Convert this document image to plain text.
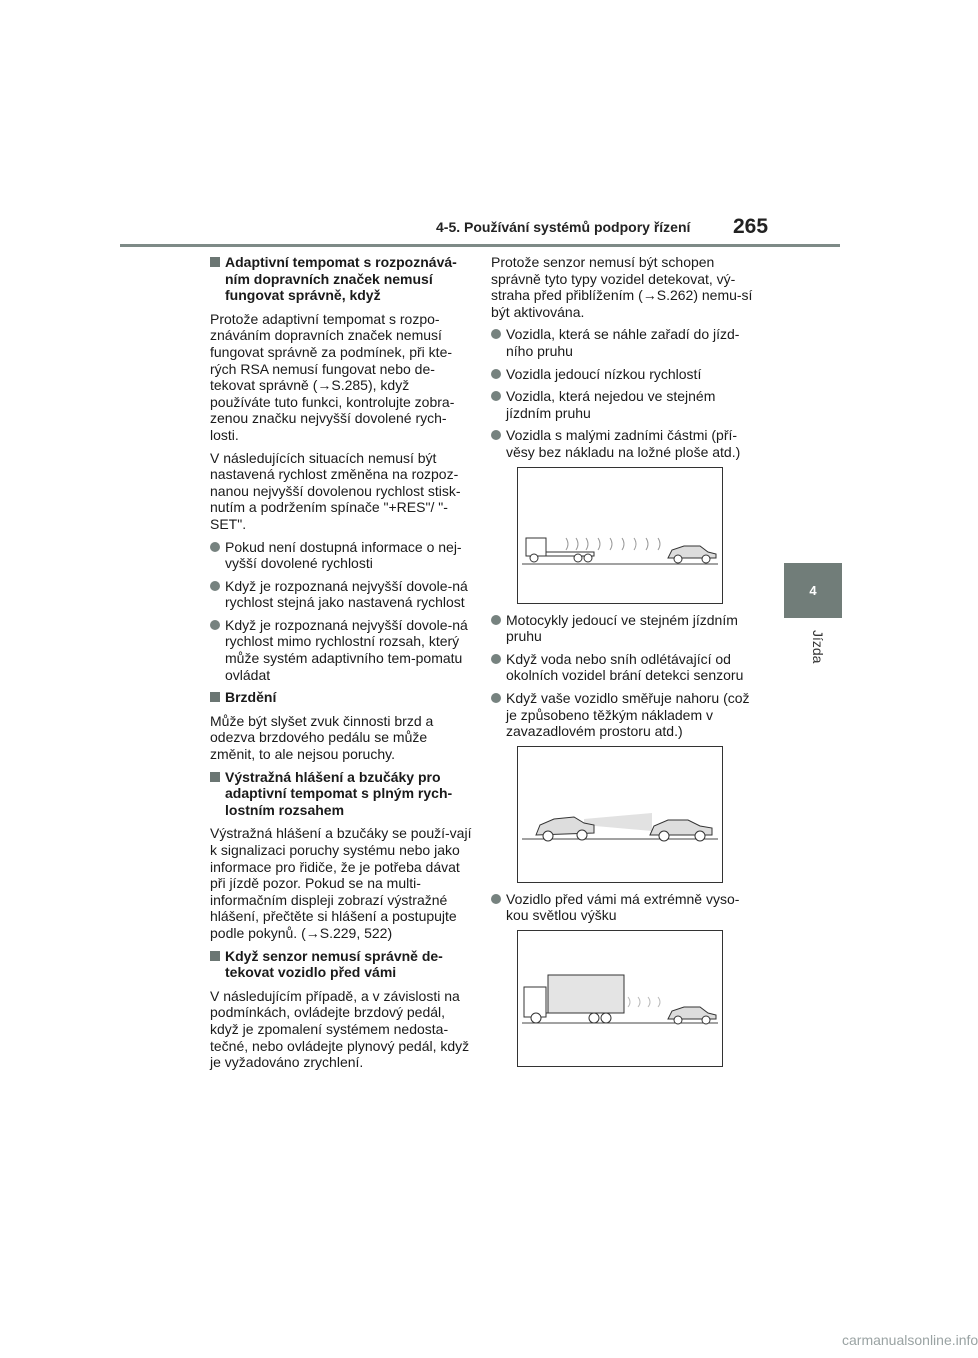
4-5. Používání systémů podpory řízení 265
4
Jízda
Adaptivní tempomat s rozpoznává-ním dopravních značek nemusí fungovat správně, když
Protože adaptivní tempomat s rozpo-znáváním dopravních značek nemusí fungovat správně za podmínek, při kte-rých RSA nemusí fungovat nebo de-tekovat správně (→S.285), když používáte tuto funkci, kontrolujte zobra-zenou značku nejvyšší dovolené rych-losti.
V následujících situacích nemusí být nastavená rychlost změněna na rozpoz-nanou nejvyšší dovolenou rychlost stisk-nutím a podržením spínače "+RES"/ "-SET".
Pokud není dostupná informace o nej-vyšší dovolené rychlosti
Když je rozpoznaná nejvyšší dovole-ná rychlost stejná jako nastavená rychlost
Když je rozpoznaná nejvyšší dovole-ná rychlost mimo rychlostní rozsah, který může systém adaptivního tem-pomatu ovládat
Brzdění
Může být slyšet zvuk činnosti brzd a odezva brzdového pedálu se může změnit, to ale nejsou poruchy.
Výstražná hlášení a bzučáky pro adaptivní tempomat s plným rych-lostním rozsahem
Výstražná hlášení a bzučáky se použí-vají k signalizaci poruchy systému nebo jako informace pro řidiče, že je potřeba dávat při jízdě pozor. Pokud se na multi-informačním displeji zobrazí výstražné hlášení, přečtěte si hlášení a postupujte podle pokynů. (→S.229, 522)
Když senzor nemusí správně de-tekovat vozidlo před vámi
V následujícím případě, a v závislosti na podmínkách, ovládejte brzdový pedál, když je zpomalení systémem nedosta-tečné, nebo ovládejte plynový pedál, když je vyžadováno zrychlení.
Protože senzor nemusí být schopen správně tyto typy vozidel detekovat, vý-straha před přiblížením (→S.262) nemu-sí být aktivována.
Vozidla, která se náhle zařadí do jízd-ního pruhu
Vozidla jedoucí nízkou rychlostí
Vozidla, která nejedou ve stejném jízdním pruhu
Vozidla s malými zadními částmi (pří-věsy bez nákladu na ložné ploše atd.)
Motocykly jedoucí ve stejném jízdním pruhu
Když voda nebo sníh odlétávající od okolních vozidel brání detekci senzoru
Když vaše vozidlo směřuje nahoru (což je způsobeno těžkým nákladem v zavazadlovém prostoru atd.)
Vozidlo před vámi má extrémně vyso-kou světlou výšku
carmanualsonline.info
